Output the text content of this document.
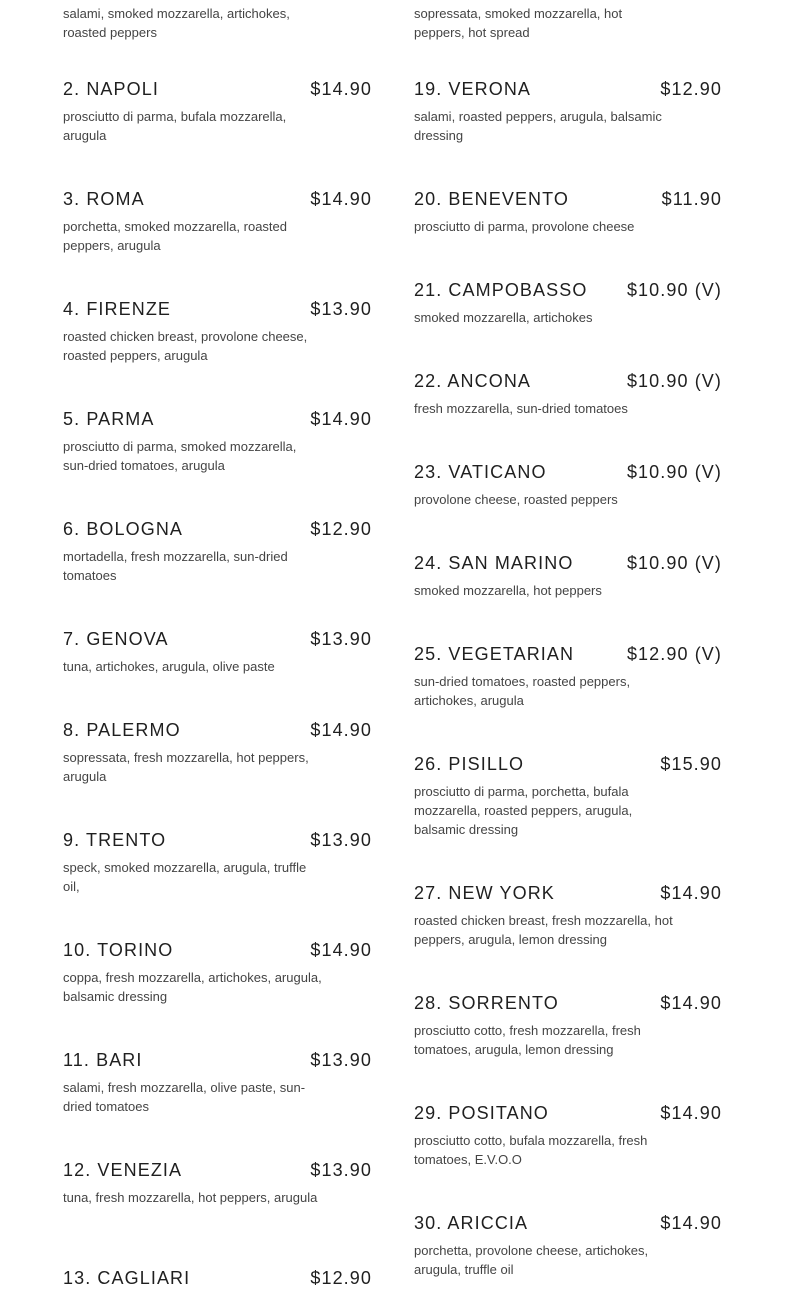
salami, smoked mozzarella, artichokes, roasted peppers
2. NAPOLI	$14.90
prosciutto di parma, bufala mozzarella, arugula
3. ROMA	$14.90
porchetta, smoked mozzarella, roasted peppers, arugula
4. FIRENZE	$13.90
roasted chicken breast, provolone cheese, roasted peppers, arugula
5. PARMA	$14.90
prosciutto di parma, smoked mozzarella, sun-dried tomatoes, arugula
6. BOLOGNA	$12.90
mortadella, fresh mozzarella, sun-dried tomatoes
7. GENOVA	$13.90
tuna, artichokes, arugula, olive paste
8. PALERMO	$14.90
sopressata, fresh mozzarella, hot peppers, arugula
9. TRENTO	$13.90
speck, smoked mozzarella, arugula, truffle oil,
10. TORINO	$14.90
coppa, fresh mozzarella, artichokes, arugula, balsamic dressing
11. BARI	$13.90
salami, fresh mozzarella, olive paste, sun-dried tomatoes
12. VENEZIA	$13.90
tuna, fresh mozzarella, hot peppers, arugula
13. CAGLIARI	$12.90
sopressata, smoked mozzarella, hot peppers, hot spread
19. VERONA	$12.90
salami, roasted peppers, arugula, balsamic dressing
20. BENEVENTO	$11.90
prosciutto di parma, provolone cheese
21. CAMPOBASSO $10.90 (V)
smoked mozzarella, artichokes
22. ANCONA	$10.90 (V)
fresh mozzarella, sun-dried tomatoes
23. VATICANO	$10.90 (V)
provolone cheese, roasted peppers
24. SAN MARINO	$10.90 (V)
smoked mozzarella, hot peppers
25. VEGETARIAN	$12.90 (V)
sun-dried tomatoes, roasted peppers, artichokes, arugula
26. PISILLO	$15.90
prosciutto di parma, porchetta, bufala mozzarella, roasted peppers, arugula, balsamic dressing
27. NEW YORK	$14.90
roasted chicken breast, fresh mozzarella, hot peppers, arugula, lemon dressing
28. SORRENTO	$14.90
prosciutto cotto, fresh mozzarella, fresh tomatoes, arugula, lemon dressing
29. POSITANO	$14.90
prosciutto cotto, bufala mozzarella, fresh tomatoes, E.V.O.O
30. ARICCIA	$14.90
porchetta, provolone cheese, artichokes, arugula, truffle oil
